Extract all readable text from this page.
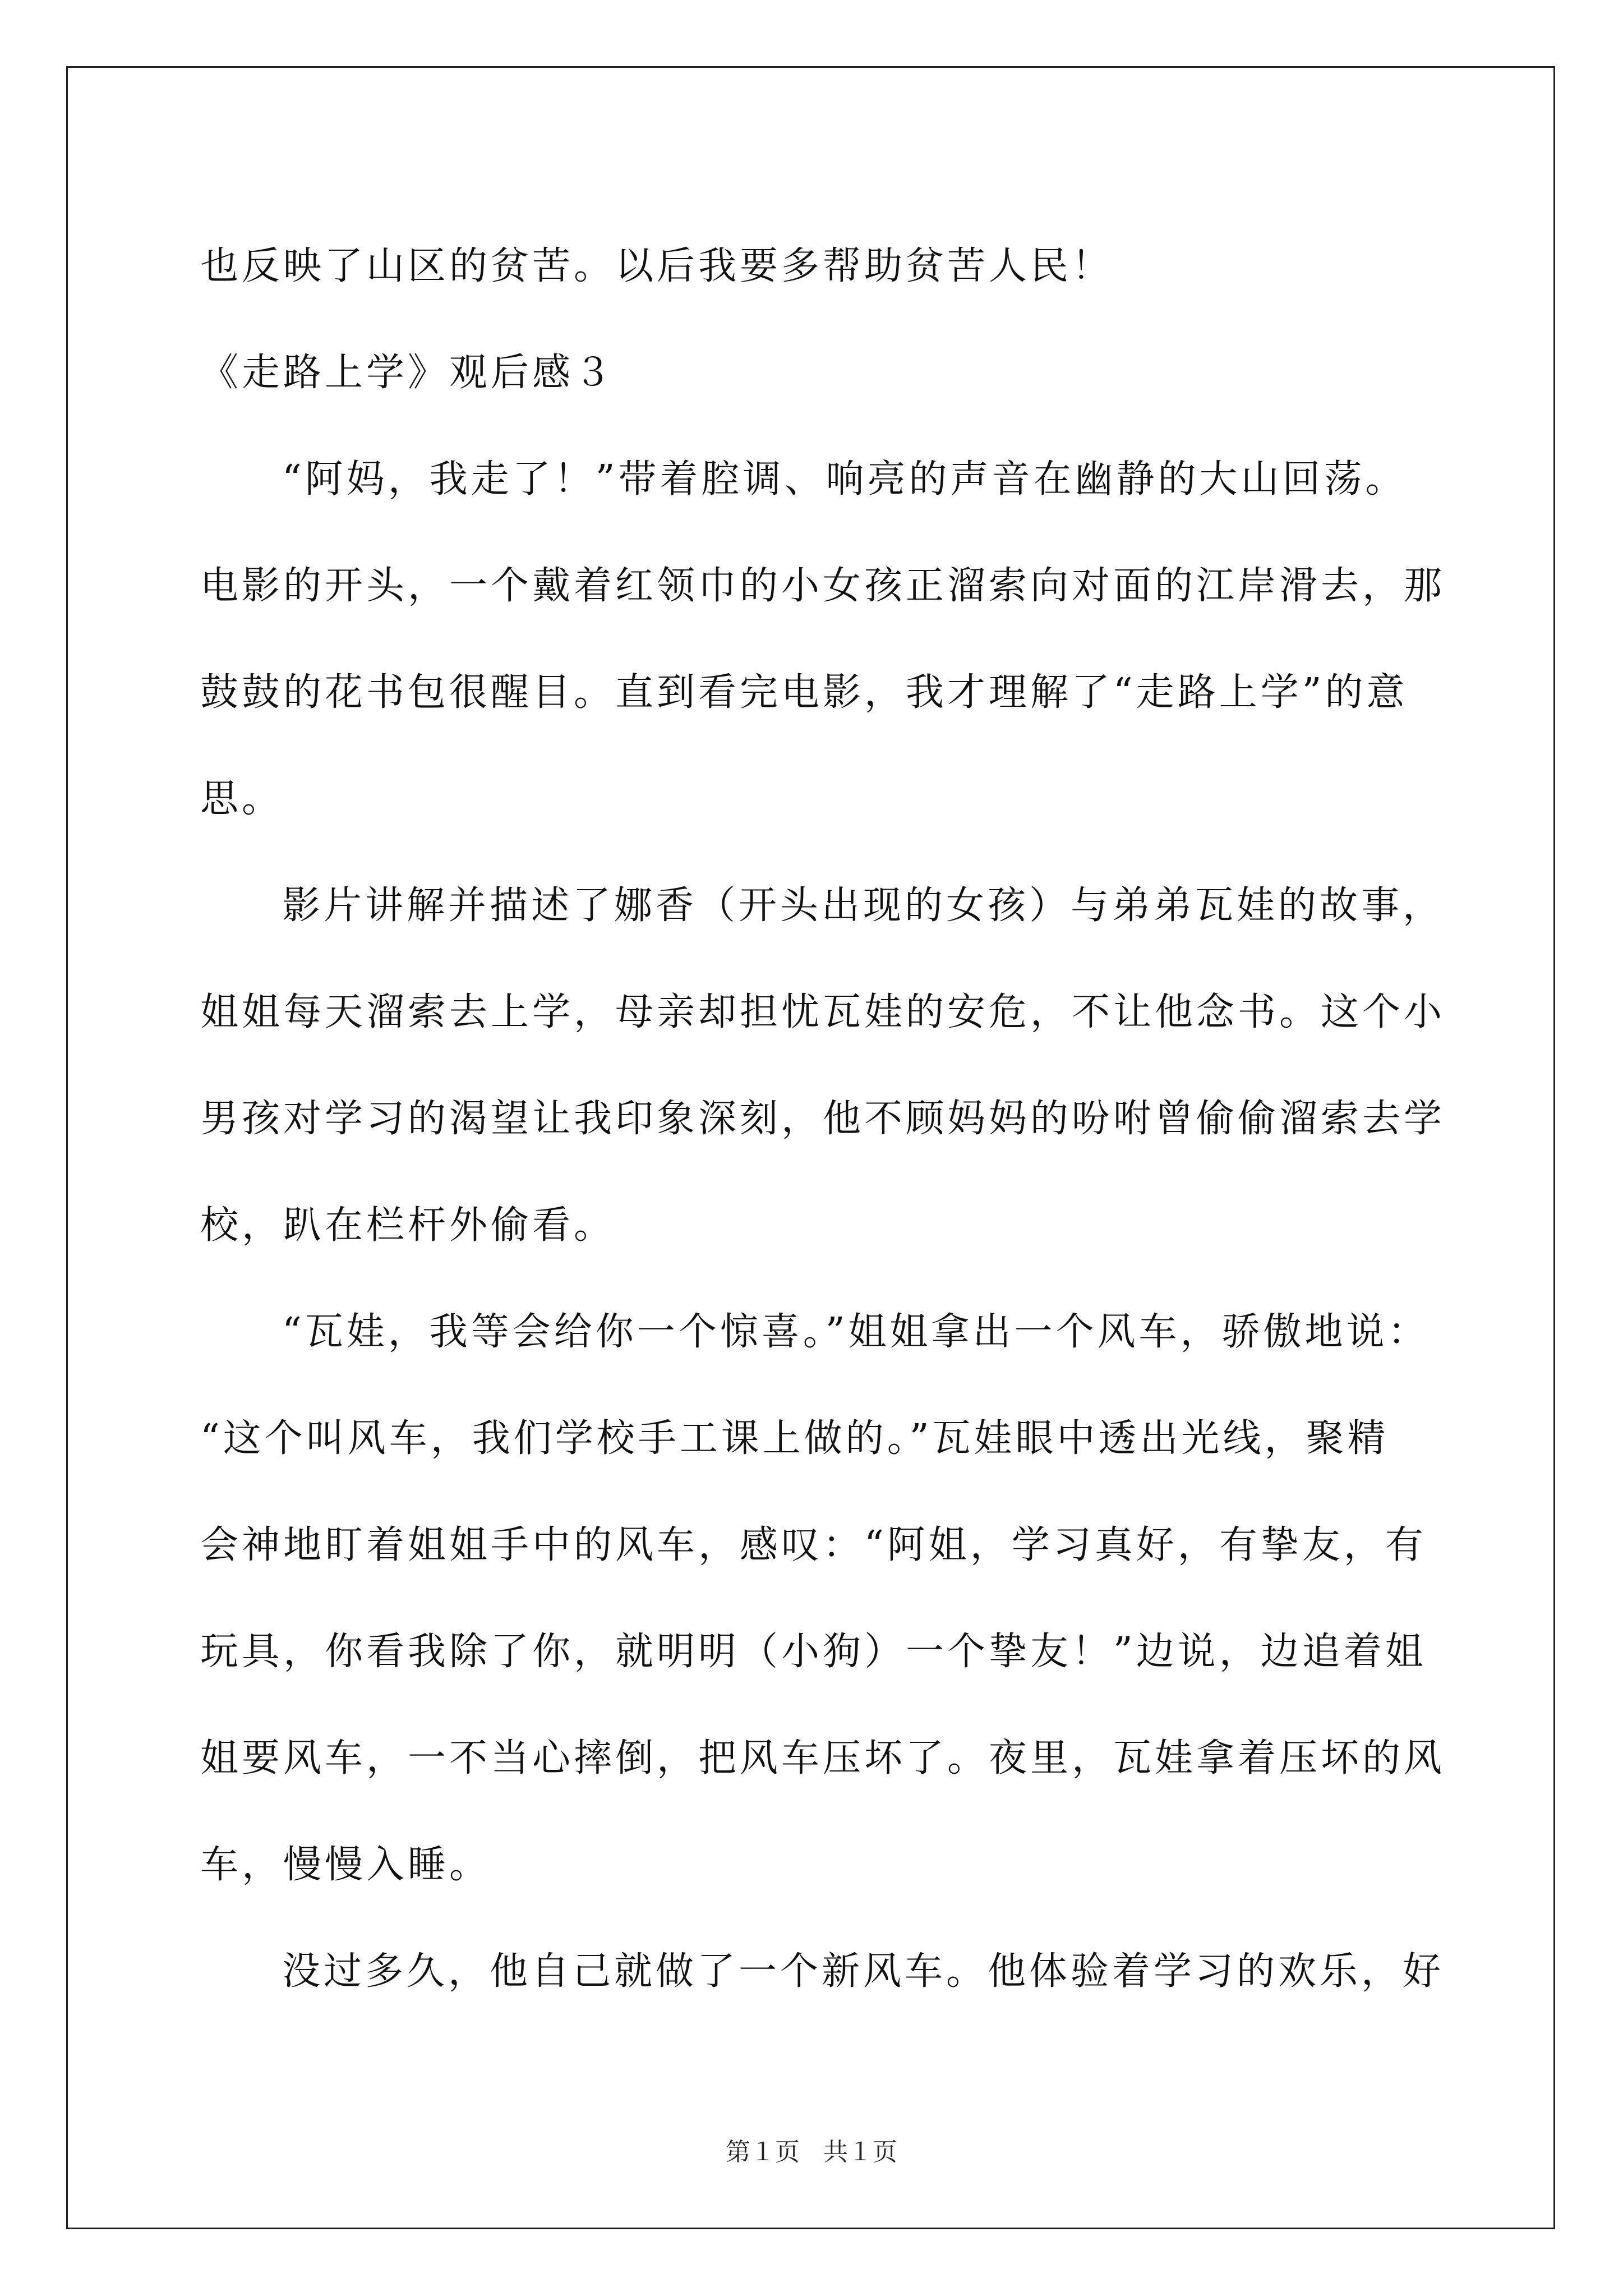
也反映了山区的贫苦。以后我要多帮助贫苦人民！
《走路上学》观后感３
“阿妈，我走了！”带着腔调、响亮的声音在幽静的大山回荡。
电影的开头，一个戴着红领巾的小女孩正溜索向对面的江岸滑去，那
鼓鼓的花书包很醒目。直到看完电影，我才理解了“走路上学”的意
思。
影片讲解并描述了娜香（开头出现的女孩）与弟弟瓦娃的故事，
姐姐每天溜索去上学，母亲却担忧瓦娃的安危，不让他念书。这个小
男孩对学习的渴望让我印象深刻，他不顾妈妈的吩咐曾偷偷溜索去学
校，趴在栏杆外偷看。
“瓦娃，我等会给你一个惊喜。”姐姐拿出一个风车，骄傲地说：
“这个叫风车，我们学校手工课上做的。”瓦娃眼中透出光线，聚精
会神地盯着姐姐手中的风车，感叹：“阿姐，学习真好，有挚友，有
玩具，你看我除了你，就明明（小狗）一个挚友！”边说，边追着姐
姐要风车，一不当心摔倒，把风车压坏了。夜里，瓦娃拿着压坏的风
车，慢慢入睡。
没过多久，他自己就做了一个新风车。他体验着学习的欢乐，好
第１页 共１页
